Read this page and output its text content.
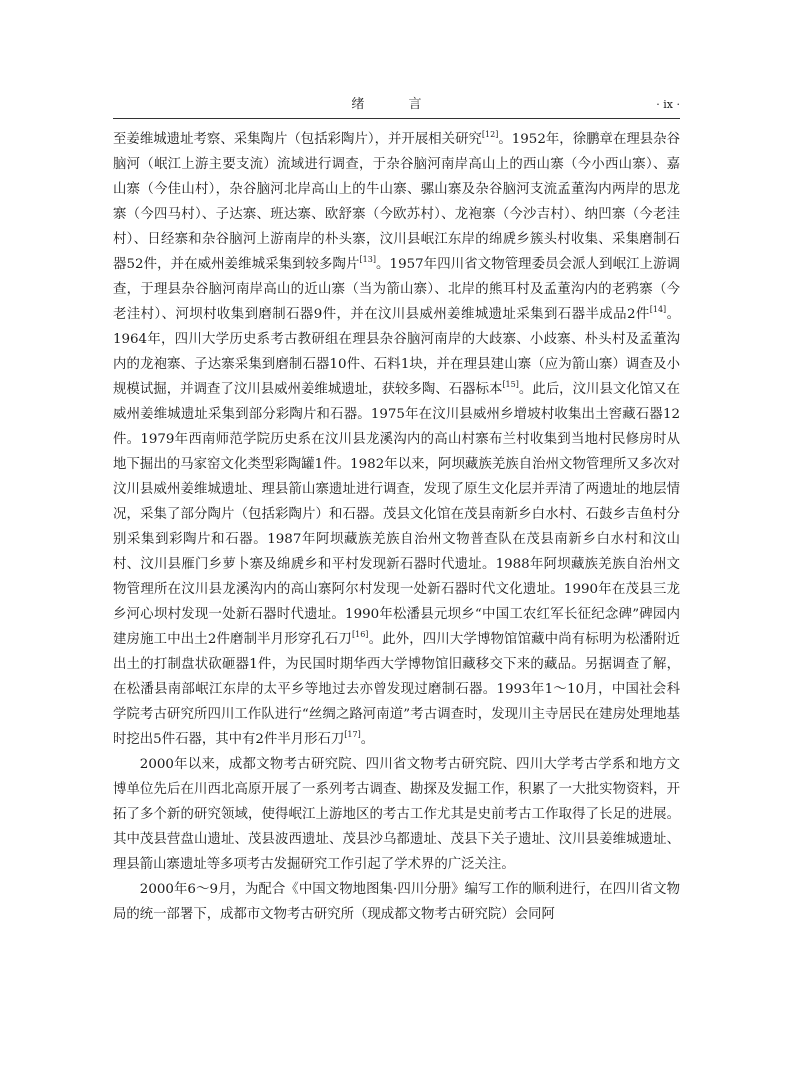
绪 言	· ix ·

至姜维城遗址考察、采集陶片（包括彩陶片），并开展相关研究[12]。1952年，徐鹏章在理县杂谷脑河（岷江上游主要支流）流域进行调查，于杂谷脑河南岸高山上的西山寨（今小西山寨）、嘉山寨（今佳山村），杂谷脑河北岸高山上的牛山寨、骡山寨及杂谷脑河支流孟董沟内两岸的思龙寨（今四马村）、子达寨、班达寨、欧舒寨（今欧苏村）、龙袍寨（今沙吉村）、纳凹寨（今老洼村）、日经寨和杂谷脑河上游南岸的朴头寨，汶川县岷江东岸的绵虒乡簇头村收集、采集磨制石器52件，并在威州姜维城采集到较多陶片[13]。1957年四川省文物管理委员会派人到岷江上游调查，于理县杂谷脑河南岸高山的近山寨（当为箭山寨）、北岸的熊耳村及孟董沟内的老鸦寨（今老洼村）、河坝村收集到磨制石器9件，并在汶川县威州姜维城遗址采集到石器半成品2件[14]。1964年，四川大学历史系考古教研组在理县杂谷脑河南岸的大歧寨、小歧寨、朴头村及孟董沟内的龙袍寨、子达寨采集到磨制石器10件、石料1块，并在理县建山寨（应为箭山寨）调查及小规模试掘，并调查了汶川县威州姜维城遗址，获较多陶、石器标本[15]。此后，汶川县文化馆又在威州姜维城遗址采集到部分彩陶片和石器。1975年在汶川县威州乡增坡村收集出土窖藏石器12件。1979年西南师范学院历史系在汶川县龙溪沟内的高山村寨布兰村收集到当地村民修房时从地下掘出的马家窑文化类型彩陶罐1件。1982年以来，阿坝藏族羌族自治州文物管理所又多次对汶川县威州姜维城遗址、理县箭山寨遗址进行调查，发现了原生文化层并弄清了两遗址的地层情况，采集了部分陶片（包括彩陶片）和石器。茂县文化馆在茂县南新乡白水村、石鼓乡吉鱼村分别采集到彩陶片和石器。1987年阿坝藏族羌族自治州文物普查队在茂县南新乡白水村和汶山村、汶川县雁门乡萝卜寨及绵虒乡和平村发现新石器时代遗址。1988年阿坝藏族羌族自治州文物管理所在汶川县龙溪沟内的高山寨阿尔村发现一处新石器时代文化遗址。1990年在茂县三龙乡河心坝村发现一处新石器时代遗址。1990年松潘县元坝乡“中国工农红军长征纪念碑”碑园内建房施工中出土2件磨制半月形穿孔石刀[16]。此外，四川大学博物馆馆藏中尚有标明为松潘附近出土的打制盘状砍砸器1件，为民国时期华西大学博物馆旧藏移交下来的藏品。另据调查了解，在松潘县南部岷江东岸的太平乡等地过去亦曾发现过磨制石器。1993年1～10月，中国社会科学院考古研究所四川工作队进行“丝绸之路河南道”考古调查时，发现川主寺居民在建房处理地基时挖出5件石器，其中有2件半月形石刀[17]。

2000年以来，成都文物考古研究院、四川省文物考古研究院、四川大学考古学系和地方文博单位先后在川西北高原开展了一系列考古调查、勘探及发掘工作，积累了一大批实物资料，开拓了多个新的研究领域，使得岷江上游地区的考古工作尤其是史前考古工作取得了长足的进展。其中茂县营盘山遗址、茂县波西遗址、茂县沙乌都遗址、茂县下关子遗址、汶川县姜维城遗址、理县箭山寨遗址等多项考古发掘研究工作引起了学术界的广泛关注。

2000年6～9月，为配合《中国文物地图集·四川分册》编写工作的顺利进行，在四川省文物局的统一部署下，成都市文物考古研究所（现成都文物考古研究院）会同阿
